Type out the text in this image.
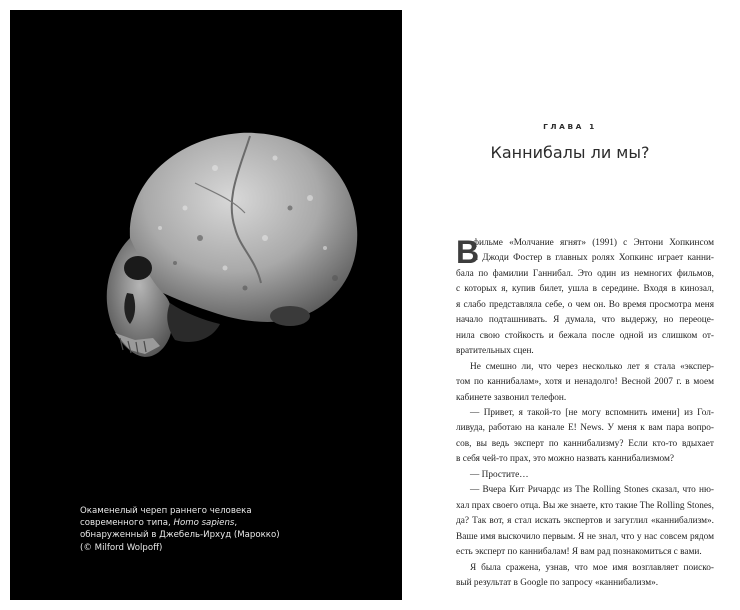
Окаменелый череп раннего человека
современного типа, Homo sapiens,
обнаруженный в Джебель-Ирхуд (Марокко)
(© Milford Wolpoff)
ГЛАВА 1
Каннибалы ли мы?
В
фильме «Молчание ягнят» (1991) с Энтони Хопкинсом
и Джоди Фостер в главных ролях Хопкинс играет канни-
бала по фамилии Ганнибал. Это один из немногих фильмов,
с которых я, купив билет, ушла в середине. Входя в кинозал,
я слабо представляла себе, о чем он. Во время просмотра меня
начало подташнивать. Я думала, что выдержу, но переоце-
нила свою стойкость и бежала после одной из слишком от-
вратительных сцен.
Не смешно ли, что через несколько лет я стала «экспер-
том по каннибалам», хотя и ненадолго! Весной 2007 г. в моем
кабинете зазвонил телефон.
— Привет, я такой-то [не могу вспомнить имени] из Гол-
ливуда, работаю на канале E! News. У меня к вам пара вопро-
сов, вы ведь эксперт по каннибализму? Если кто-то вдыхает
в себя чей-то прах, это можно назвать каннибализмом?
— Простите…
— Вчера Кит Ричардс из The Rolling Stones сказал, что ню-
хал прах своего отца. Вы же знаете, кто такие The Rolling Stones,
да? Так вот, я стал искать экспертов и загуглил «каннибализм».
Ваше имя выскочило первым. Я не знал, что у нас совсем рядом
есть эксперт по каннибалам! Я вам рад познакомиться с вами.
Я была сражена, узнав, что мое имя возглавляет поиско-
вый результат в Google по запросу «каннибализм».
